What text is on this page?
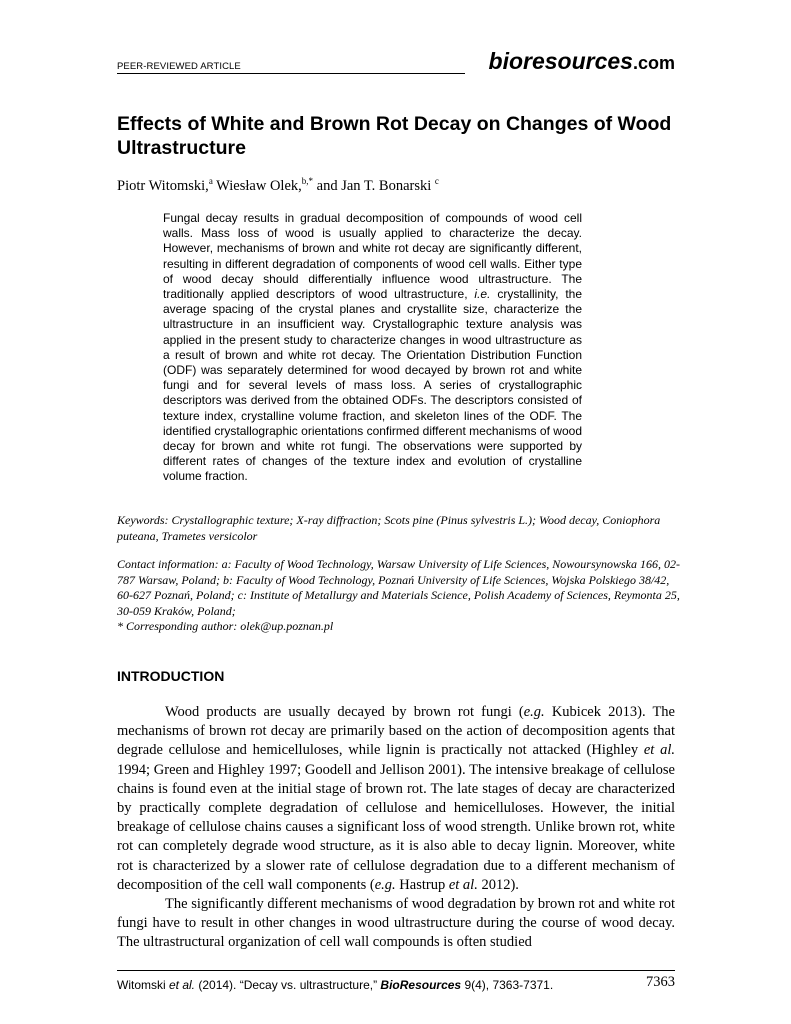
PEER-REVIEWED ARTICLE	bioresources.com
Effects of White and Brown Rot Decay on Changes of Wood Ultrastructure
Piotr Witomski,$^a$ Wiesław Olek,$^{b,*}$ and Jan T. Bonarski $^c$

Fungal decay results in gradual decomposition of compounds of wood cell walls. Mass loss of wood is usually applied to characterize the decay. However, mechanisms of brown and white rot decay are significantly different, resulting in different degradation of components of wood cell walls. Either type of wood decay should differentially influence wood ultrastructure. The traditionally applied descriptors of wood ultrastructure, i.e. crystallinity, the average spacing of the crystal planes and crystallite size, characterize the ultrastructure in an insufficient way. Crystallographic texture analysis was applied in the present study to characterize changes in wood ultrastructure as a result of brown and white rot decay. The Orientation Distribution Function (ODF) was separately determined for wood decayed by brown rot and white fungi and for several levels of mass loss. A series of crystallographic descriptors was derived from the obtained ODFs. The descriptors consisted of texture index, crystalline volume fraction, and skeleton lines of the ODF. The identified crystallographic orientations confirmed different mechanisms of wood decay for brown and white rot fungi. The observations were supported by different rates of changes of the texture index and evolution of crystalline volume fraction.

Keywords: Crystallographic texture; X-ray diffraction; Scots pine (Pinus sylvestris L.); Wood decay, Coniophora puteana, Trametes versicolor

Contact information: a: Faculty of Wood Technology, Warsaw University of Life Sciences, Nowoursynowska 166, 02-787 Warsaw, Poland; b: Faculty of Wood Technology, Poznań University of Life Sciences, Wojska Polskiego 38/42, 60-627 Poznań, Poland; c: Institute of Metallurgy and Materials Science, Polish Academy of Sciences, Reymonta 25, 30-059 Kraków, Poland;

* Corresponding author: olek@up.poznan.pl

INTRODUCTION

Wood products are usually decayed by brown rot fungi (e.g. Kubicek 2013). The mechanisms of brown rot decay are primarily based on the action of decomposition agents that degrade cellulose and hemicelluloses, while lignin is practically not attacked (Highley et al. 1994; Green and Highley 1997; Goodell and Jellison 2001). The intensive breakage of cellulose chains is found even at the initial stage of brown rot. The late stages of decay are characterized by practically complete degradation of cellulose and hemicelluloses. However, the initial breakage of cellulose chains causes a significant loss of wood strength. Unlike brown rot, white rot can completely degrade wood structure, as it is also able to decay lignin. Moreover, white rot is characterized by a slower rate of cellulose degradation due to a different mechanism of decomposition of the cell wall components (e.g. Hastrup et al. 2012).

The significantly different mechanisms of wood degradation by brown rot and white rot fungi have to result in other changes in wood ultrastructure during the course of wood decay. The ultrastructural organization of cell wall compounds is often studied

Witomski et al. (2014). “Decay vs. ultrastructure,” BioResources 9(4), 7363-7371.	7363
